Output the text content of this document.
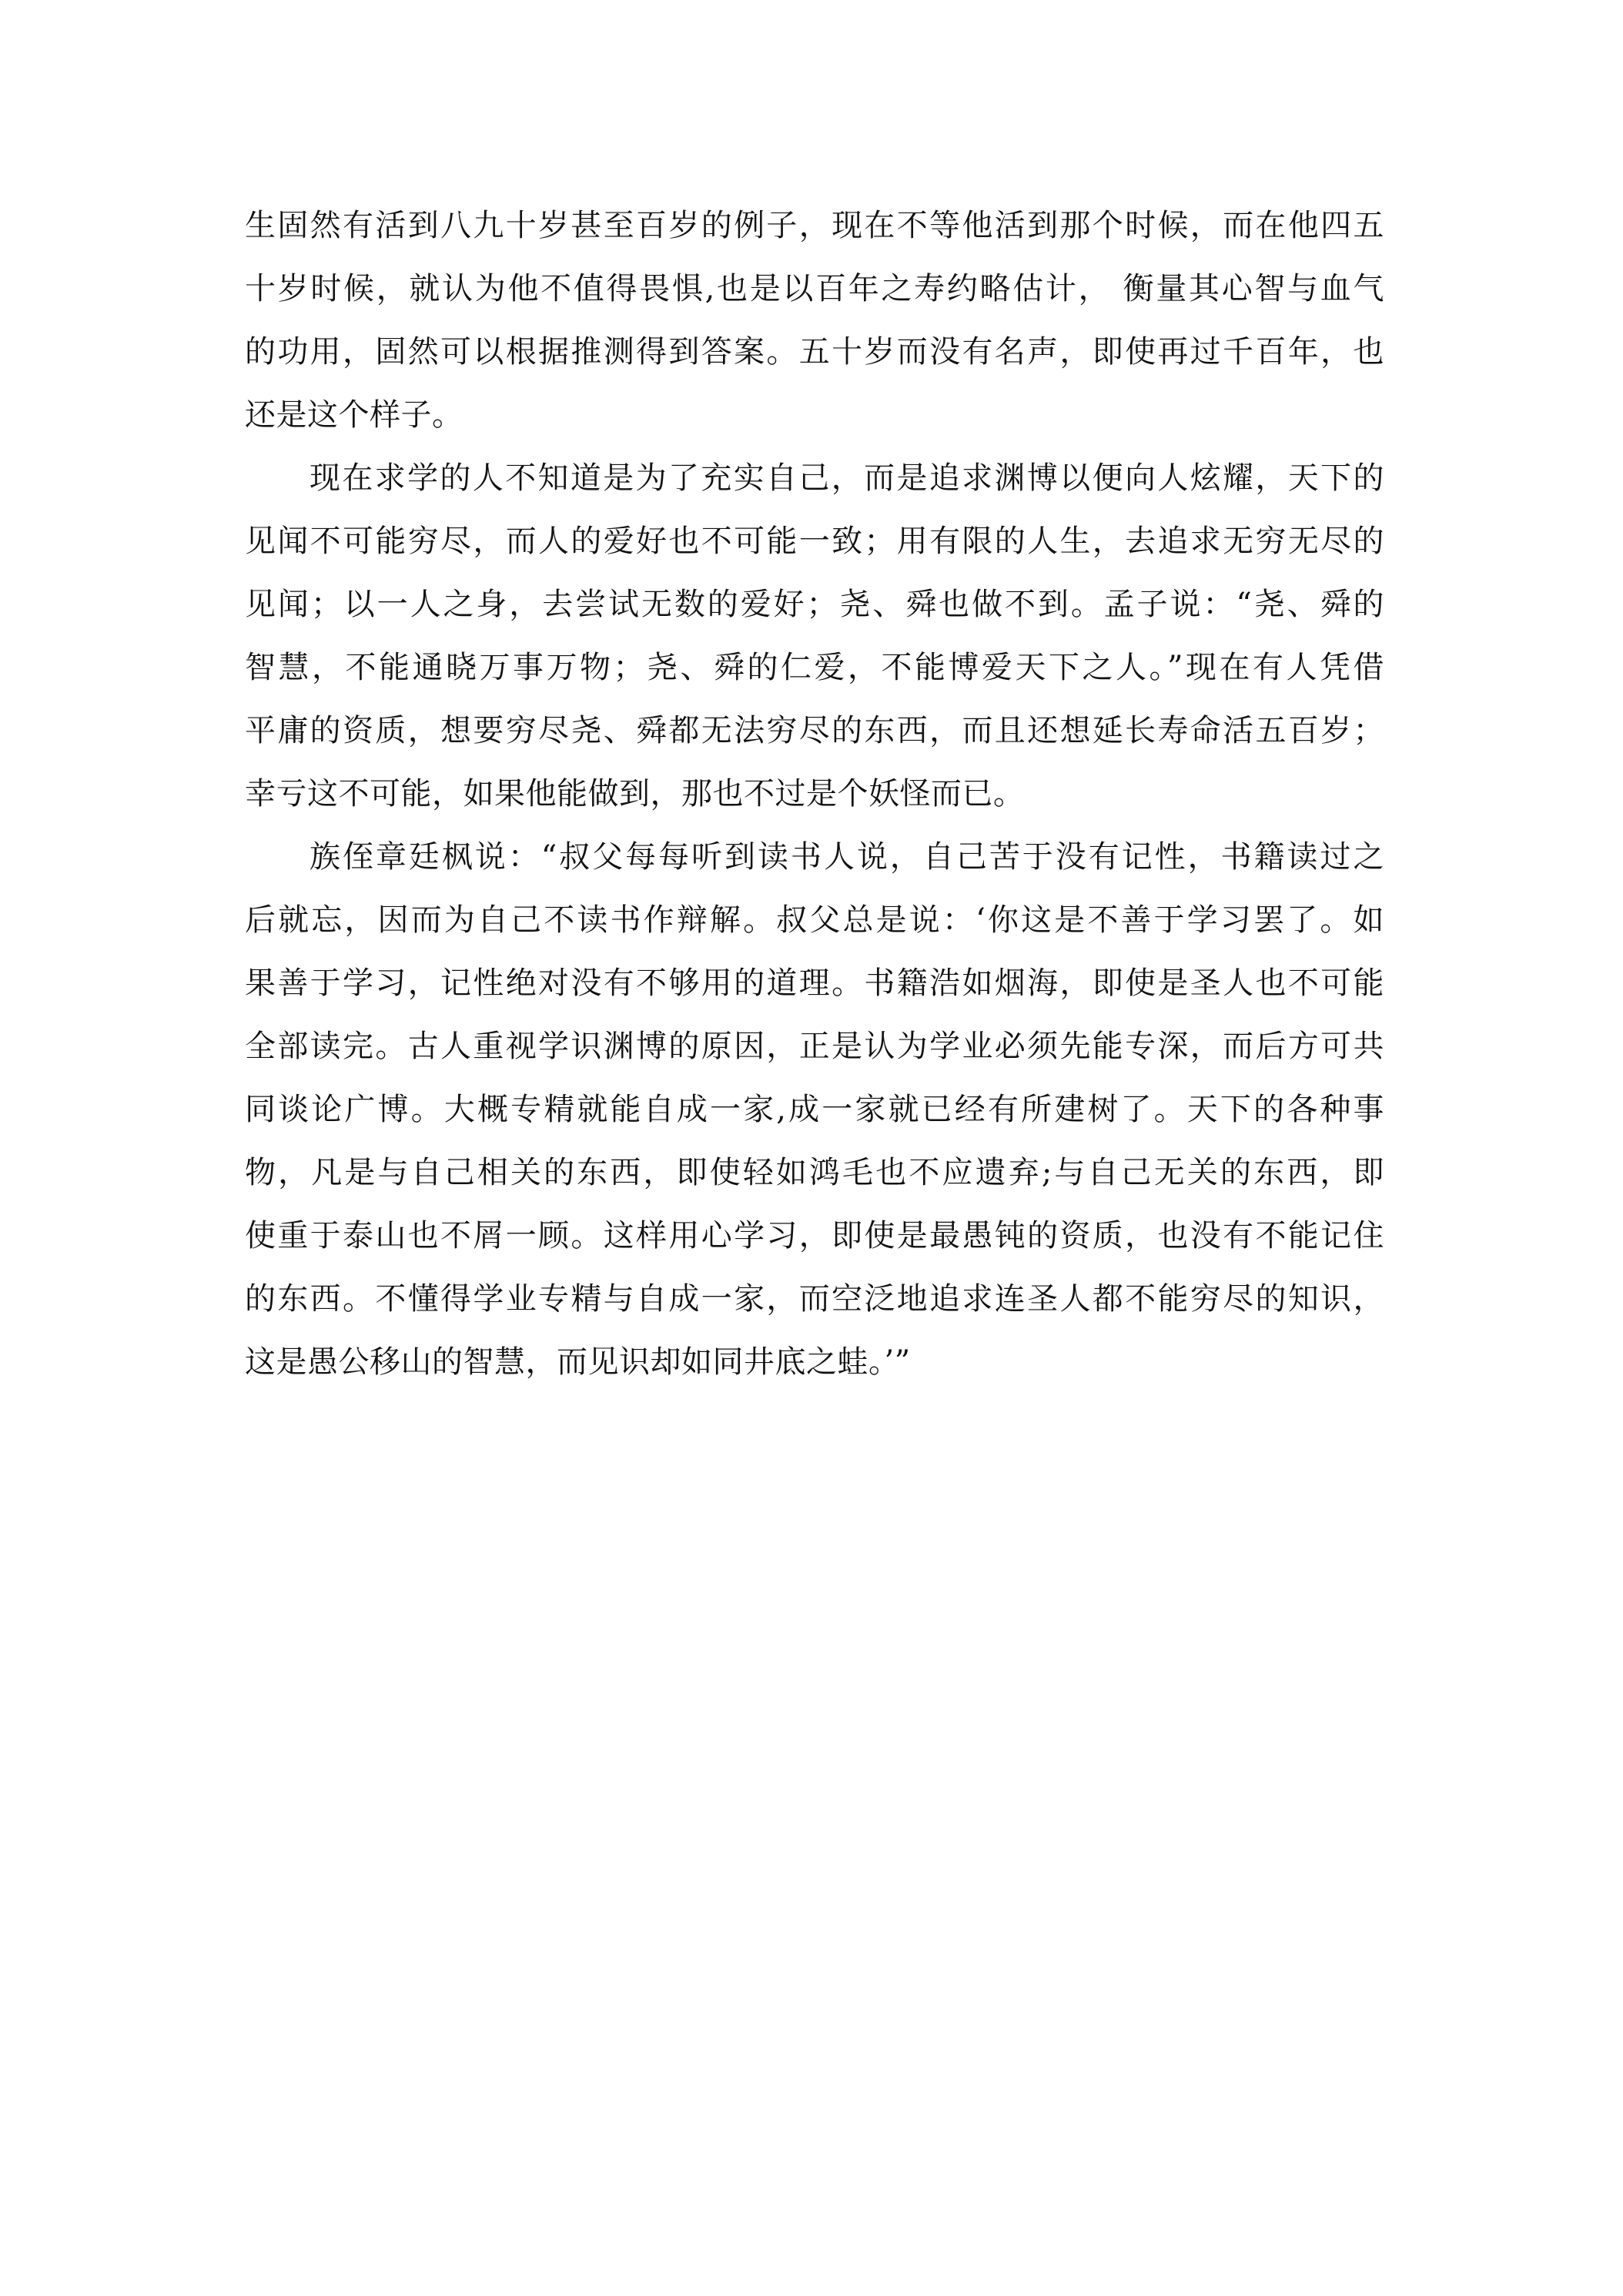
生固然有活到八九十岁甚至百岁的例子，现在不等他活到那个时候，而在他四五
十岁时候，就认为他不值得畏惧,也是以百年之寿约略估计， 衡量其心智与血气
的功用，固然可以根据推测得到答案。五十岁而没有名声，即使再过千百年，也
还是这个样子。
现在求学的人不知道是为了充实自己，而是追求渊博以便向人炫耀，天下的
见闻不可能穷尽，而人的爱好也不可能一致；用有限的人生，去追求无穷无尽的
见闻；以一人之身，去尝试无数的爱好；尧、舜也做不到。孟子说：“尧、舜的
智慧，不能通晓万事万物；尧、舜的仁爱，不能博爱天下之人。”现在有人凭借
平庸的资质，想要穷尽尧、舜都无法穷尽的东西，而且还想延长寿命活五百岁；
幸亏这不可能，如果他能做到，那也不过是个妖怪而已。
族侄章廷枫说：“叔父每每听到读书人说，自己苦于没有记性，书籍读过之
后就忘，因而为自己不读书作辩解。叔父总是说：‘你这是不善于学习罢了。如
果善于学习，记性绝对没有不够用的道理。书籍浩如烟海，即使是圣人也不可能
全部读完。古人重视学识渊博的原因，正是认为学业必须先能专深，而后方可共
同谈论广博。大概专精就能自成一家,成一家就已经有所建树了。天下的各种事
物，凡是与自己相关的东西，即使轻如鸿毛也不应遗弃;与自己无关的东西，即
使重于泰山也不屑一顾。这样用心学习，即使是最愚钝的资质，也没有不能记住
的东西。不懂得学业专精与自成一家，而空泛地追求连圣人都不能穷尽的知识，
这是愚公移山的智慧，而见识却如同井底之蛙。’”
